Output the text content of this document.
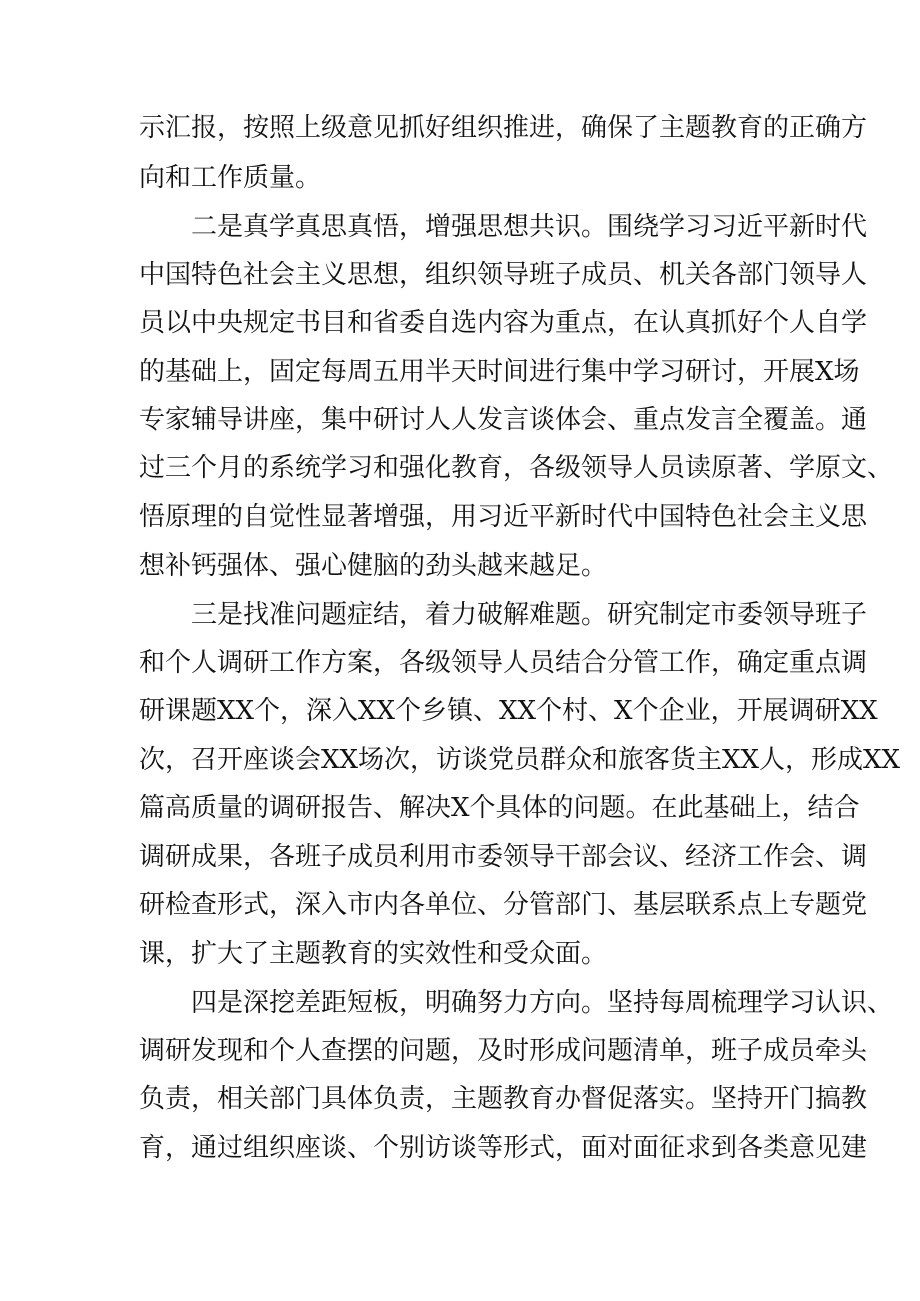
示汇报，按照上级意见抓好组织推进，确保了主题教育的正确方
向和工作质量。
二是真学真思真悟，增强思想共识。围绕学习习近平新时代
中国特色社会主义思想，组织领导班子成员、机关各部门领导人
员以中央规定书目和省委自选内容为重点，在认真抓好个人自学
的基础上，固定每周五用半天时间进行集中学习研讨，开展X场
专家辅导讲座，集中研讨人人发言谈体会、重点发言全覆盖。通
过三个月的系统学习和强化教育，各级领导人员读原著、学原文、
悟原理的自觉性显著增强，用习近平新时代中国特色社会主义思
想补钙强体、强心健脑的劲头越来越足。
三是找准问题症结，着力破解难题。研究制定市委领导班子
和个人调研工作方案，各级领导人员结合分管工作，确定重点调
研课题XX个，深入XX个乡镇、XX个村、X个企业，开展调研XX
次，召开座谈会XX场次，访谈党员群众和旅客货主XX人，形成XX
篇高质量的调研报告、解决X个具体的问题。在此基础上，结合
调研成果，各班子成员利用市委领导干部会议、经济工作会、调
研检查形式，深入市内各单位、分管部门、基层联系点上专题党
课，扩大了主题教育的实效性和受众面。
四是深挖差距短板，明确努力方向。坚持每周梳理学习认识、
调研发现和个人查摆的问题，及时形成问题清单，班子成员牵头
负责，相关部门具体负责，主题教育办督促落实。坚持开门搞教
育，通过组织座谈、个别访谈等形式，面对面征求到各类意见建
